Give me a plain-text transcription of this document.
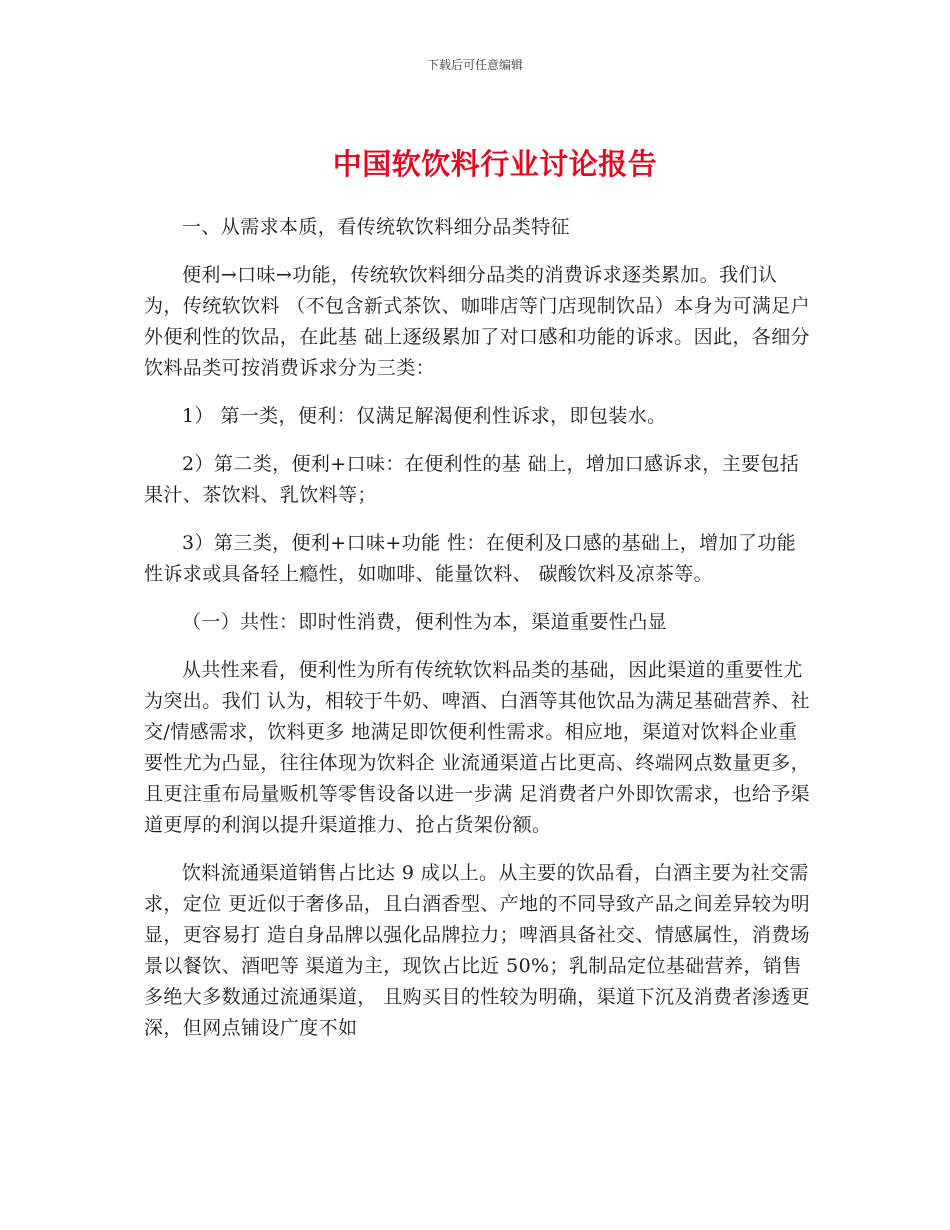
下载后可任意编辑
中国软饮料行业讨论报告

一、从需求本质，看传统软饮料细分品类特征

便利→口味→功能，传统软饮料细分品类的消费诉求逐类累加。我们认为，传统软饮料 （不包含新式茶饮、咖啡店等门店现制饮品）本身为可满足户外便利性的饮品，在此基 础上逐级累加了对口感和功能的诉求。因此，各细分饮料品类可按消费诉求分为三类：

1） 第一类，便利：仅满足解渴便利性诉求，即包装水。

2）第二类，便利+口味：在便利性的基 础上，增加口感诉求，主要包括果汁、茶饮料、乳饮料等；

3）第三类，便利+口味+功能 性：在便利及口感的基础上，增加了功能性诉求或具备轻上瘾性，如咖啡、能量饮料、 碳酸饮料及凉茶等。

（一）共性：即时性消费，便利性为本，渠道重要性凸显

从共性来看，便利性为所有传统软饮料品类的基础，因此渠道的重要性尤为突出。我们 认为，相较于牛奶、啤酒、白酒等其他饮品为满足基础营养、社交/情感需求，饮料更多 地满足即饮便利性需求。相应地，渠道对饮料企业重要性尤为凸显，往往体现为饮料企 业流通渠道占比更高、终端网点数量更多，且更注重布局量贩机等零售设备以进一步满 足消费者户外即饮需求，也给予渠道更厚的利润以提升渠道推力、抢占货架份额。

饮料流通渠道销售占比达 9 成以上。从主要的饮品看，白酒主要为社交需求，定位 更近似于奢侈品，且白酒香型、产地的不同导致产品之间差异较为明显，更容易打 造自身品牌以强化品牌拉力；啤酒具备社交、情感属性，消费场景以餐饮、酒吧等 渠道为主，现饮占比近 50%；乳制品定位基础营养，销售多绝大多数通过流通渠道， 且购买目的性较为明确，渠道下沉及消费者渗透更深，但网点铺设广度不如
